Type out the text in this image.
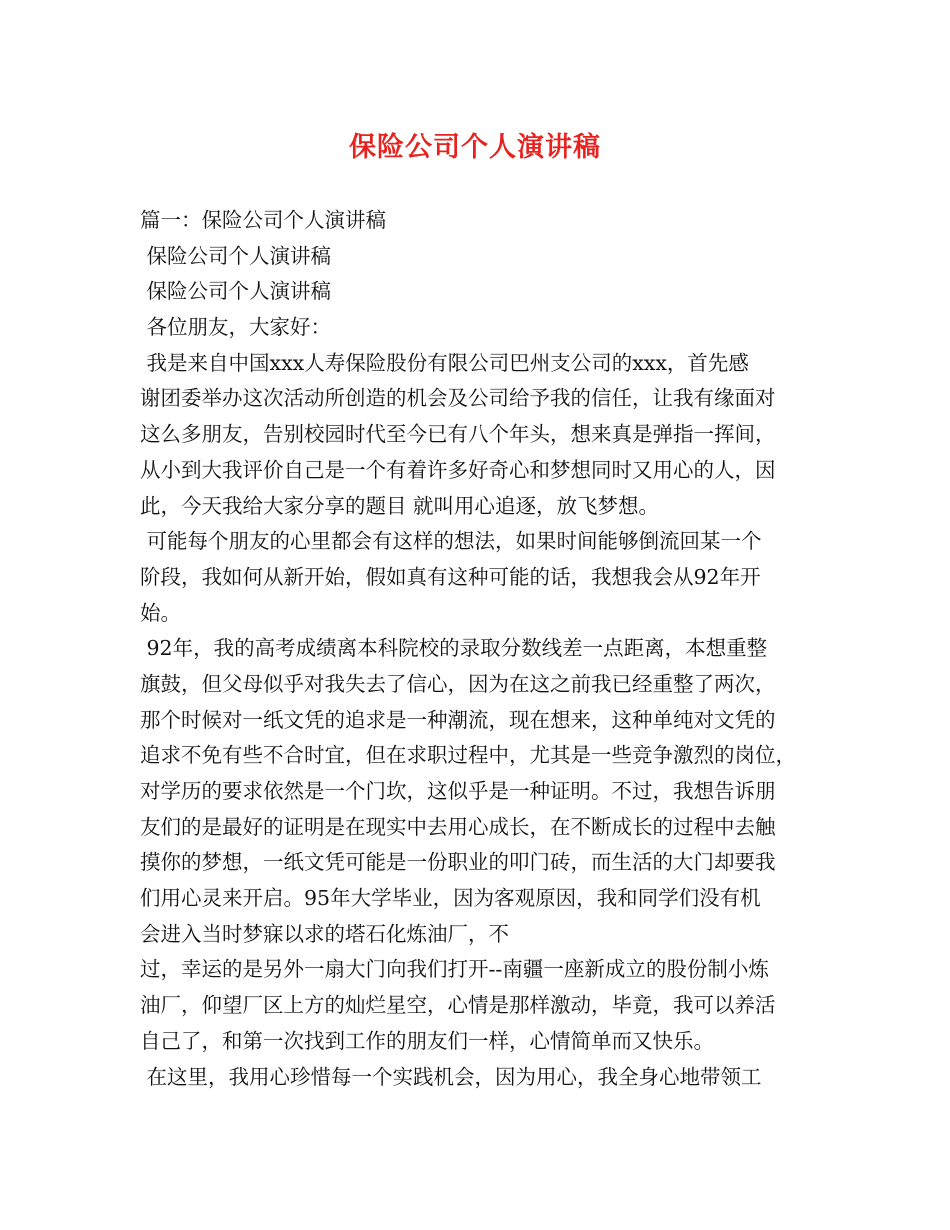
保险公司个人演讲稿
篇一：保险公司个人演讲稿
保险公司个人演讲稿
保险公司个人演讲稿
各位朋友，大家好：
我是来自中国xxx人寿保险股份有限公司巴州支公司的xxx，首先感
谢团委举办这次活动所创造的机会及公司给予我的信任，让我有缘面对
这么多朋友，告别校园时代至今已有八个年头，想来真是弹指一挥间，
从小到大我评价自己是一个有着许多好奇心和梦想同时又用心的人，因
此，今天我给大家分享的题目 就叫用心追逐，放飞梦想。
可能每个朋友的心里都会有这样的想法，如果时间能够倒流回某一个
阶段，我如何从新开始，假如真有这种可能的话，我想我会从92年开
始。
92年，我的高考成绩离本科院校的录取分数线差一点距离，本想重整
旗鼓，但父母似乎对我失去了信心，因为在这之前我已经重整了两次，
那个时候对一纸文凭的追求是一种潮流，现在想来，这种单纯对文凭的
追求不免有些不合时宜，但在求职过程中，尤其是一些竞争激烈的岗位，
对学历的要求依然是一个门坎，这似乎是一种证明。不过，我想告诉朋
友们的是最好的证明是在现实中去用心成长，在不断成长的过程中去触
摸你的梦想，一纸文凭可能是一份职业的叩门砖，而生活的大门却要我
们用心灵来开启。95年大学毕业，因为客观原因，我和同学们没有机
会进入当时梦寐以求的塔石化炼油厂，不
过，幸运的是另外一扇大门向我们打开--南疆一座新成立的股份制小炼
油厂，仰望厂区上方的灿烂星空，心情是那样激动，毕竟，我可以养活
自己了，和第一次找到工作的朋友们一样，心情简单而又快乐。
在这里，我用心珍惜每一个实践机会，因为用心，我全身心地带领工
